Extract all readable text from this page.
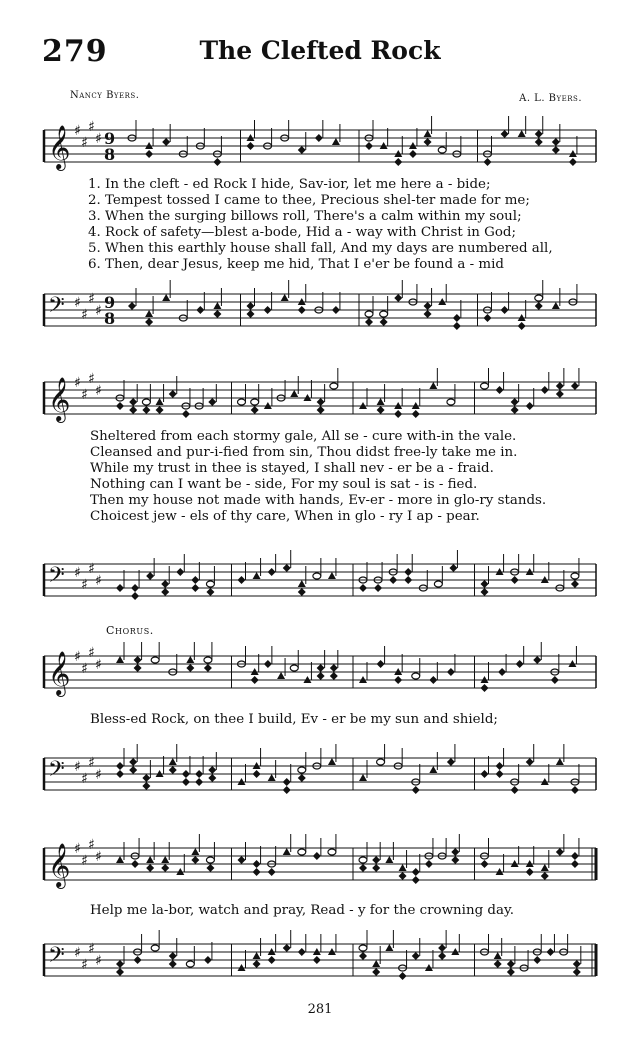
279	The Clefted Rock
Nancy Byers.	A. L. Byers.
𝄞 ♯
♯
♯
♯ 9
8
1. In the cleft - ed Rock I hide, Sav-ior, let me here a - bide;
2. Tempest tossed I came to thee, Precious shel-ter made for me;
3. When the surging billows roll, There's a calm within my soul;
4. Rock of safety—blest a-bode, Hid a - way with Christ in God;
5. When this earthly house shall fall, And my days are numbered all,
6. Then, dear Jesus, keep me hid, That I e'er be found a - mid
𝄢 ♯
♯
♯
♯ 9
8
𝄞 ♯
♯
♯
♯
Sheltered from each stormy gale, All se - cure with-in the vale.
Cleansed and pur-i-fied from sin, Thou didst free-ly take me in.
While my trust in thee is stayed, I shall nev - er be a - fraid.
Nothing can I want be - side, For my soul is sat - is - fied.
Then my house not made with hands, Ev-er - more in glo-ry stands.
Choicest jew - els of thy care, When in glo - ry I ap - pear.
𝄢 ♯
♯
♯
♯
Chorus.
𝄞 ♯
♯
♯
♯
Bless-ed Rock, on thee I build, Ev - er be my sun and shield;
𝄢 ♯
♯
♯
♯
𝄞 ♯
♯
♯
♯
Help me la-bor, watch and pray, Read - y for the crowning day.
𝄢 ♯
♯
♯
♯
281
